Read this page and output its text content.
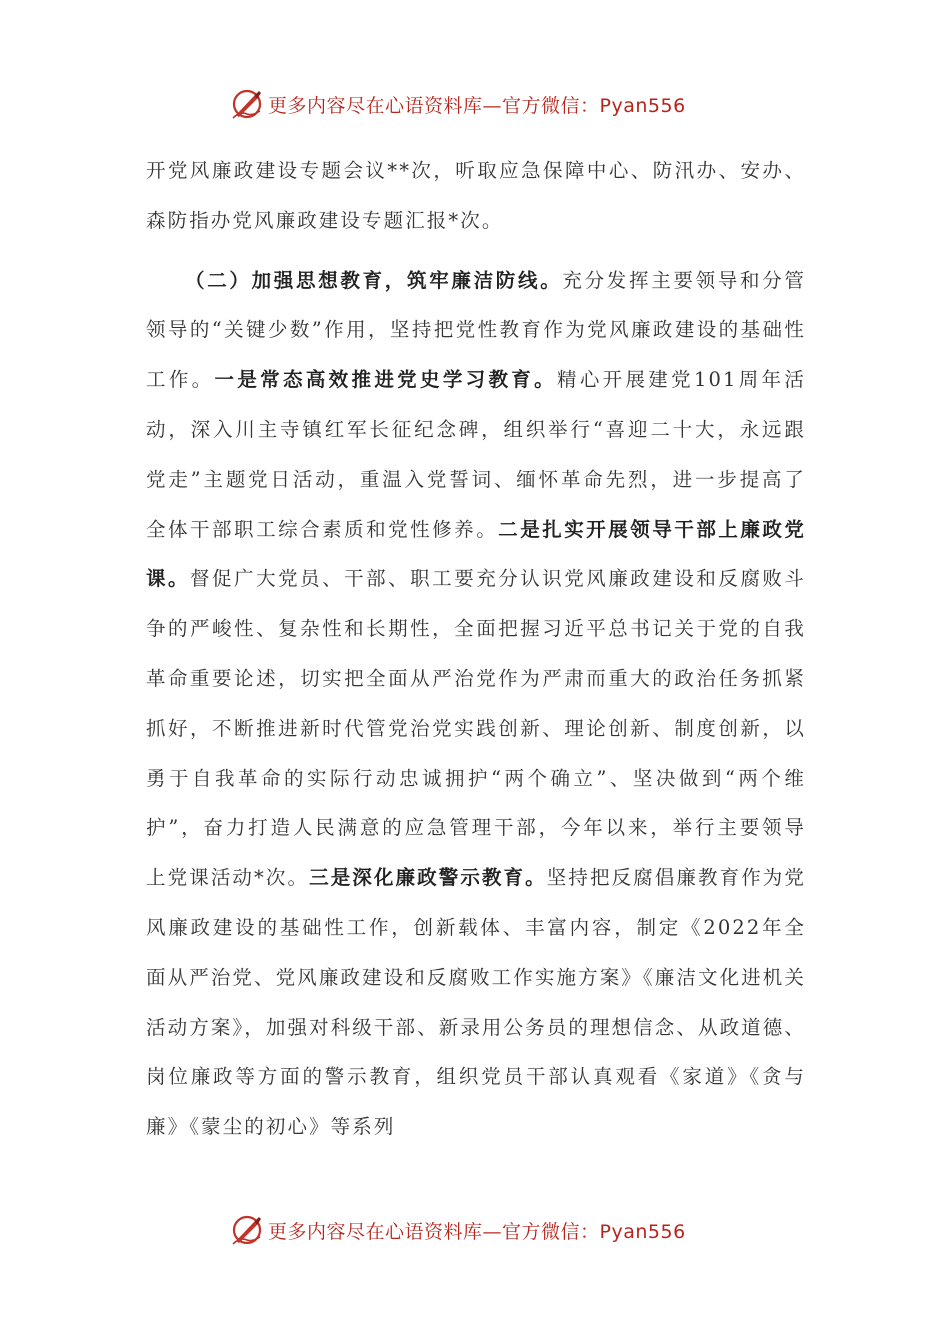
更多内容尽在心语资料库—官方微信：Pyan556

开党风廉政建设专题会议**次，听取应急保障中心、防汛办、安办、森防指办党风廉政建设专题汇报*次。

（二）加强思想教育，筑牢廉洁防线。充分发挥主要领导和分管领导的“关键少数”作用，坚持把党性教育作为党风廉政建设的基础性工作。一是常态高效推进党史学习教育。精心开展建党101周年活动，深入川主寺镇红军长征纪念碑，组织举行“喜迎二十大，永远跟党走”主题党日活动，重温入党誓词、缅怀革命先烈，进一步提高了全体干部职工综合素质和党性修养。二是扎实开展领导干部上廉政党课。督促广大党员、干部、职工要充分认识党风廉政建设和反腐败斗争的严峻性、复杂性和长期性，全面把握习近平总书记关于党的自我革命重要论述，切实把全面从严治党作为严肃而重大的政治任务抓紧抓好，不断推进新时代管党治党实践创新、理论创新、制度创新，以勇于自我革命的实际行动忠诚拥护“两个确立”、坚决做到“两个维护”，奋力打造人民满意的应急管理干部，今年以来，举行主要领导上党课活动*次。三是深化廉政警示教育。坚持把反腐倡廉教育作为党风廉政建设的基础性工作，创新载体、丰富内容，制定《2022年全面从严治党、党风廉政建设和反腐败工作实施方案》《廉洁文化进机关活动方案》，加强对科级干部、新录用公务员的理想信念、从政道德、岗位廉政等方面的警示教育，组织党员干部认真观看《家道》《贪与廉》《蒙尘的初心》等系列

更多内容尽在心语资料库—官方微信：Pyan556
